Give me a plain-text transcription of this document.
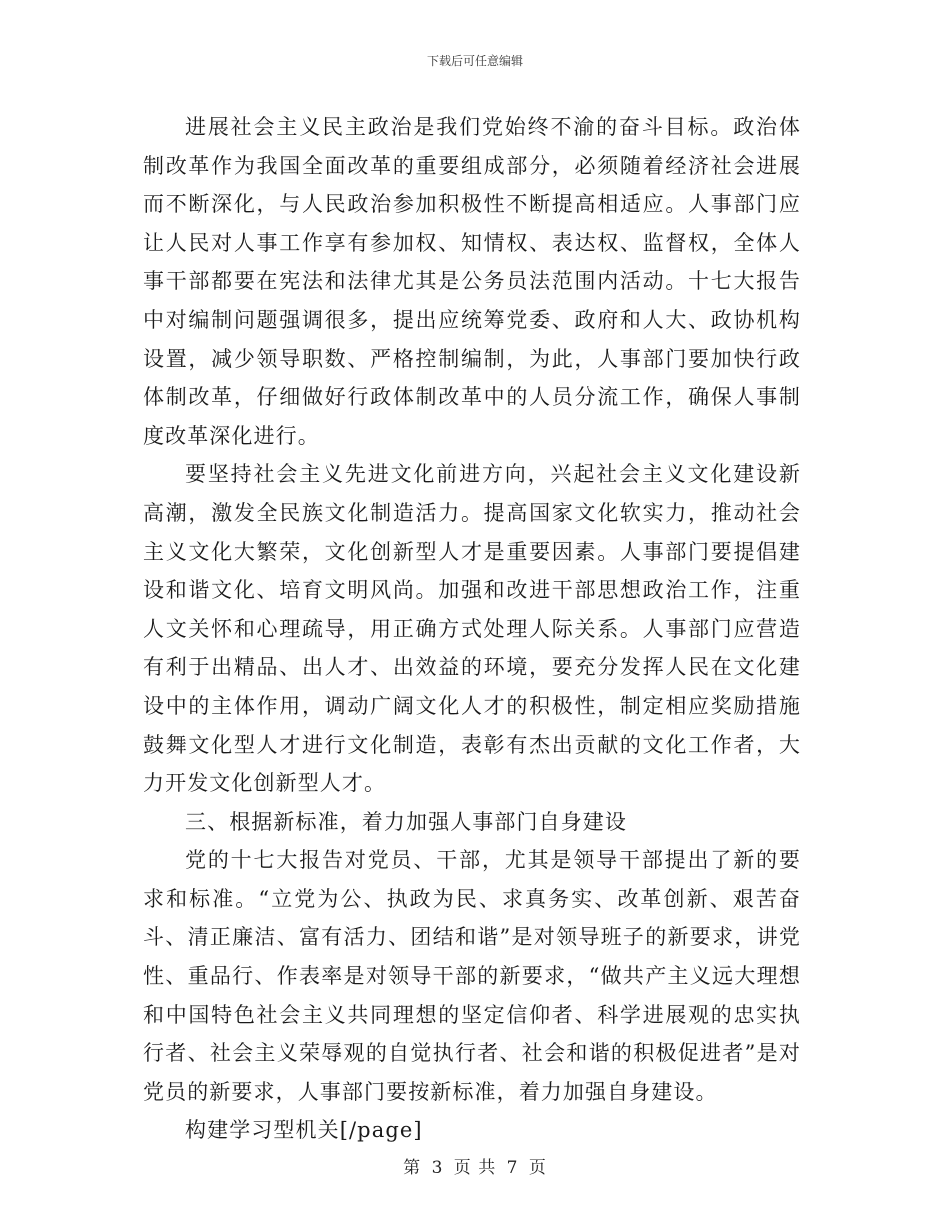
下载后可任意编辑

进展社会主义民主政治是我们党始终不渝的奋斗目标。政治体制改革作为我国全面改革的重要组成部分，必须随着经济社会进展而不断深化，与人民政治参加积极性不断提高相适应。人事部门应让人民对人事工作享有参加权、知情权、表达权、监督权，全体人事干部都要在宪法和法律尤其是公务员法范围内活动。十七大报告中对编制问题强调很多，提出应统筹党委、政府和人大、政协机构设置，减少领导职数、严格控制编制，为此，人事部门要加快行政体制改革，仔细做好行政体制改革中的人员分流工作，确保人事制度改革深化进行。

要坚持社会主义先进文化前进方向，兴起社会主义文化建设新高潮，激发全民族文化制造活力。提高国家文化软实力，推动社会主义文化大繁荣，文化创新型人才是重要因素。人事部门要提倡建设和谐文化、培育文明风尚。加强和改进干部思想政治工作，注重人文关怀和心理疏导，用正确方式处理人际关系。人事部门应营造有利于出精品、出人才、出效益的环境，要充分发挥人民在文化建设中的主体作用，调动广阔文化人才的积极性，制定相应奖励措施鼓舞文化型人才进行文化制造，表彰有杰出贡献的文化工作者，大力开发文化创新型人才。

三、根据新标准，着力加强人事部门自身建设

党的十七大报告对党员、干部，尤其是领导干部提出了新的要求和标准。“立党为公、执政为民、求真务实、改革创新、艰苦奋斗、清正廉洁、富有活力、团结和谐”是对领导班子的新要求，讲党性、重品行、作表率是对领导干部的新要求，“做共产主义远大理想和中国特色社会主义共同理想的坚定信仰者、科学进展观的忠实执行者、社会主义荣辱观的自觉执行者、社会和谐的积极促进者”是对党员的新要求，人事部门要按新标准，着力加强自身建设。

构建学习型机关[/page]

第 3 页 共 7 页
